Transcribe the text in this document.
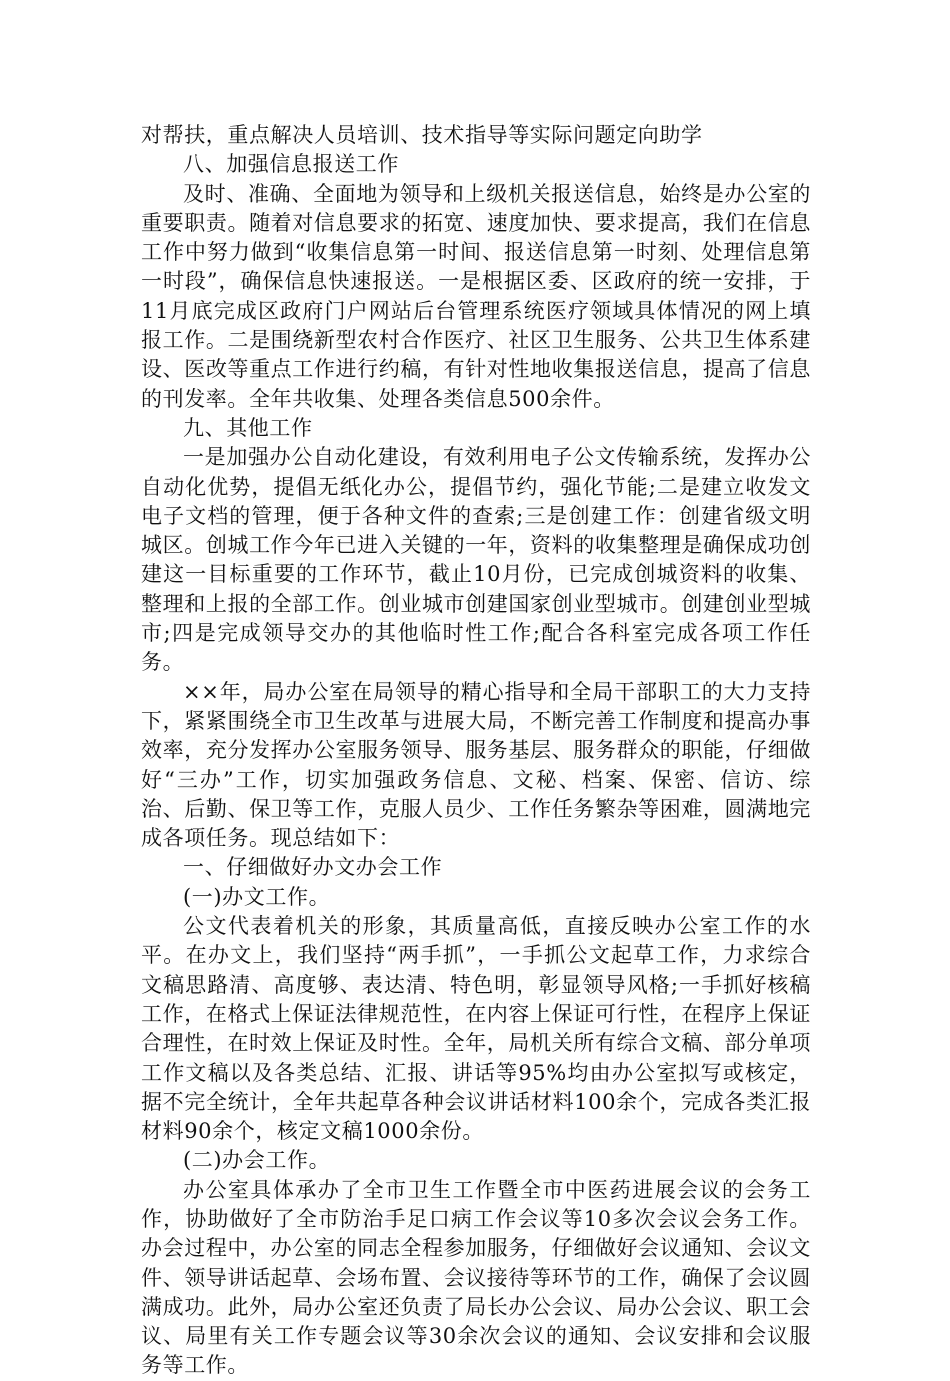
对帮扶，重点解决人员培训、技术指导等实际问题定向助学

八、加强信息报送工作

及时、准确、全面地为领导和上级机关报送信息，始终是办公室的重要职责。随着对信息要求的拓宽、速度加快、要求提高，我们在信息工作中努力做到“收集信息第一时间、报送信息第一时刻、处理信息第一时段”，确保信息快速报送。一是根据区委、区政府的统一安排，于11月底完成区政府门户网站后台管理系统医疗领域具体情况的网上填报工作。二是围绕新型农村合作医疗、社区卫生服务、公共卫生体系建设、医改等重点工作进行约稿，有针对性地收集报送信息，提高了信息的刊发率。全年共收集、处理各类信息500余件。

九、其他工作

一是加强办公自动化建设，有效利用电子公文传输系统，发挥办公自动化优势，提倡无纸化办公，提倡节约，强化节能;二是建立收发文电子文档的管理，便于各种文件的查索;三是创建工作：创建省级文明城区。创城工作今年已进入关键的一年，资料的收集整理是确保成功创建这一目标重要的工作环节，截止10月份，已完成创城资料的收集、整理和上报的全部工作。创业城市创建国家创业型城市。创建创业型城市;四是完成领导交办的其他临时性工作;配合各科室完成各项工作任务。

××年，局办公室在局领导的精心指导和全局干部职工的大力支持下，紧紧围绕全市卫生改革与进展大局，不断完善工作制度和提高办事效率，充分发挥办公室服务领导、服务基层、服务群众的职能，仔细做好“三办”工作，切实加强政务信息、文秘、档案、保密、信访、综治、后勤、保卫等工作，克服人员少、工作任务繁杂等困难，圆满地完成各项任务。现总结如下：

一、仔细做好办文办会工作

(一)办文工作。

公文代表着机关的形象，其质量高低，直接反映办公室工作的水平。在办文上，我们坚持“两手抓”，一手抓公文起草工作，力求综合文稿思路清、高度够、表达清、特色明，彰显领导风格;一手抓好核稿工作，在格式上保证法律规范性，在内容上保证可行性，在程序上保证合理性，在时效上保证及时性。全年，局机关所有综合文稿、部分单项工作文稿以及各类总结、汇报、讲话等95%均由办公室拟写或核定，据不完全统计，全年共起草各种会议讲话材料100余个，完成各类汇报材料90余个，核定文稿1000余份。

(二)办会工作。

办公室具体承办了全市卫生工作暨全市中医药进展会议的会务工作，协助做好了全市防治手足口病工作会议等10多次会议会务工作。办会过程中，办公室的同志全程参加服务，仔细做好会议通知、会议文件、领导讲话起草、会场布置、会议接待等环节的工作，确保了会议圆满成功。此外，局办公室还负责了局长办公会议、局办公会议、职工会议、局里有关工作专题会议等30余次会议的通知、会议安排和会议服务等工作。
